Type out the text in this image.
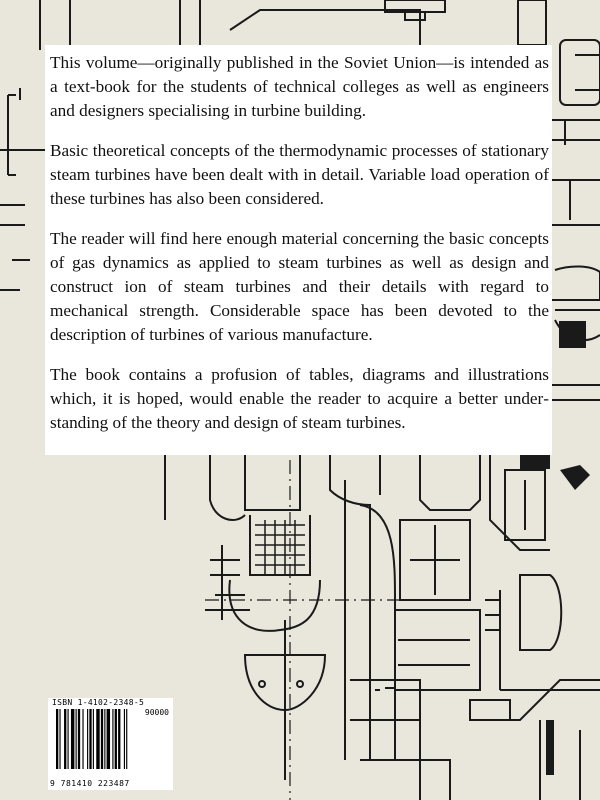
This volume—originally published in the Soviet Union—is intended as a text-book for the students of technical colleges as well as engineers and designers specialising in turbine building.

Basic theoretical concepts of the thermodynamic processes of stationary steam turbines have been dealt with in detail. Variable load operation of these turbines has also been considered.

The reader will find here enough material concerning the basic concepts of gas dynamics as applied to steam turbines as well as design and construct ion of steam turbines and their details with regard to mechanical strength. Considerable space has been devoted to the description of turbines of various manufacture.

The book contains a profusion of tables, diagrams and illustrations which, it is hoped, would enable the reader to acquire a better understanding of the theory and design of steam turbines.

ISBN 1-4102-2348-5
90000
9 781410 223487
